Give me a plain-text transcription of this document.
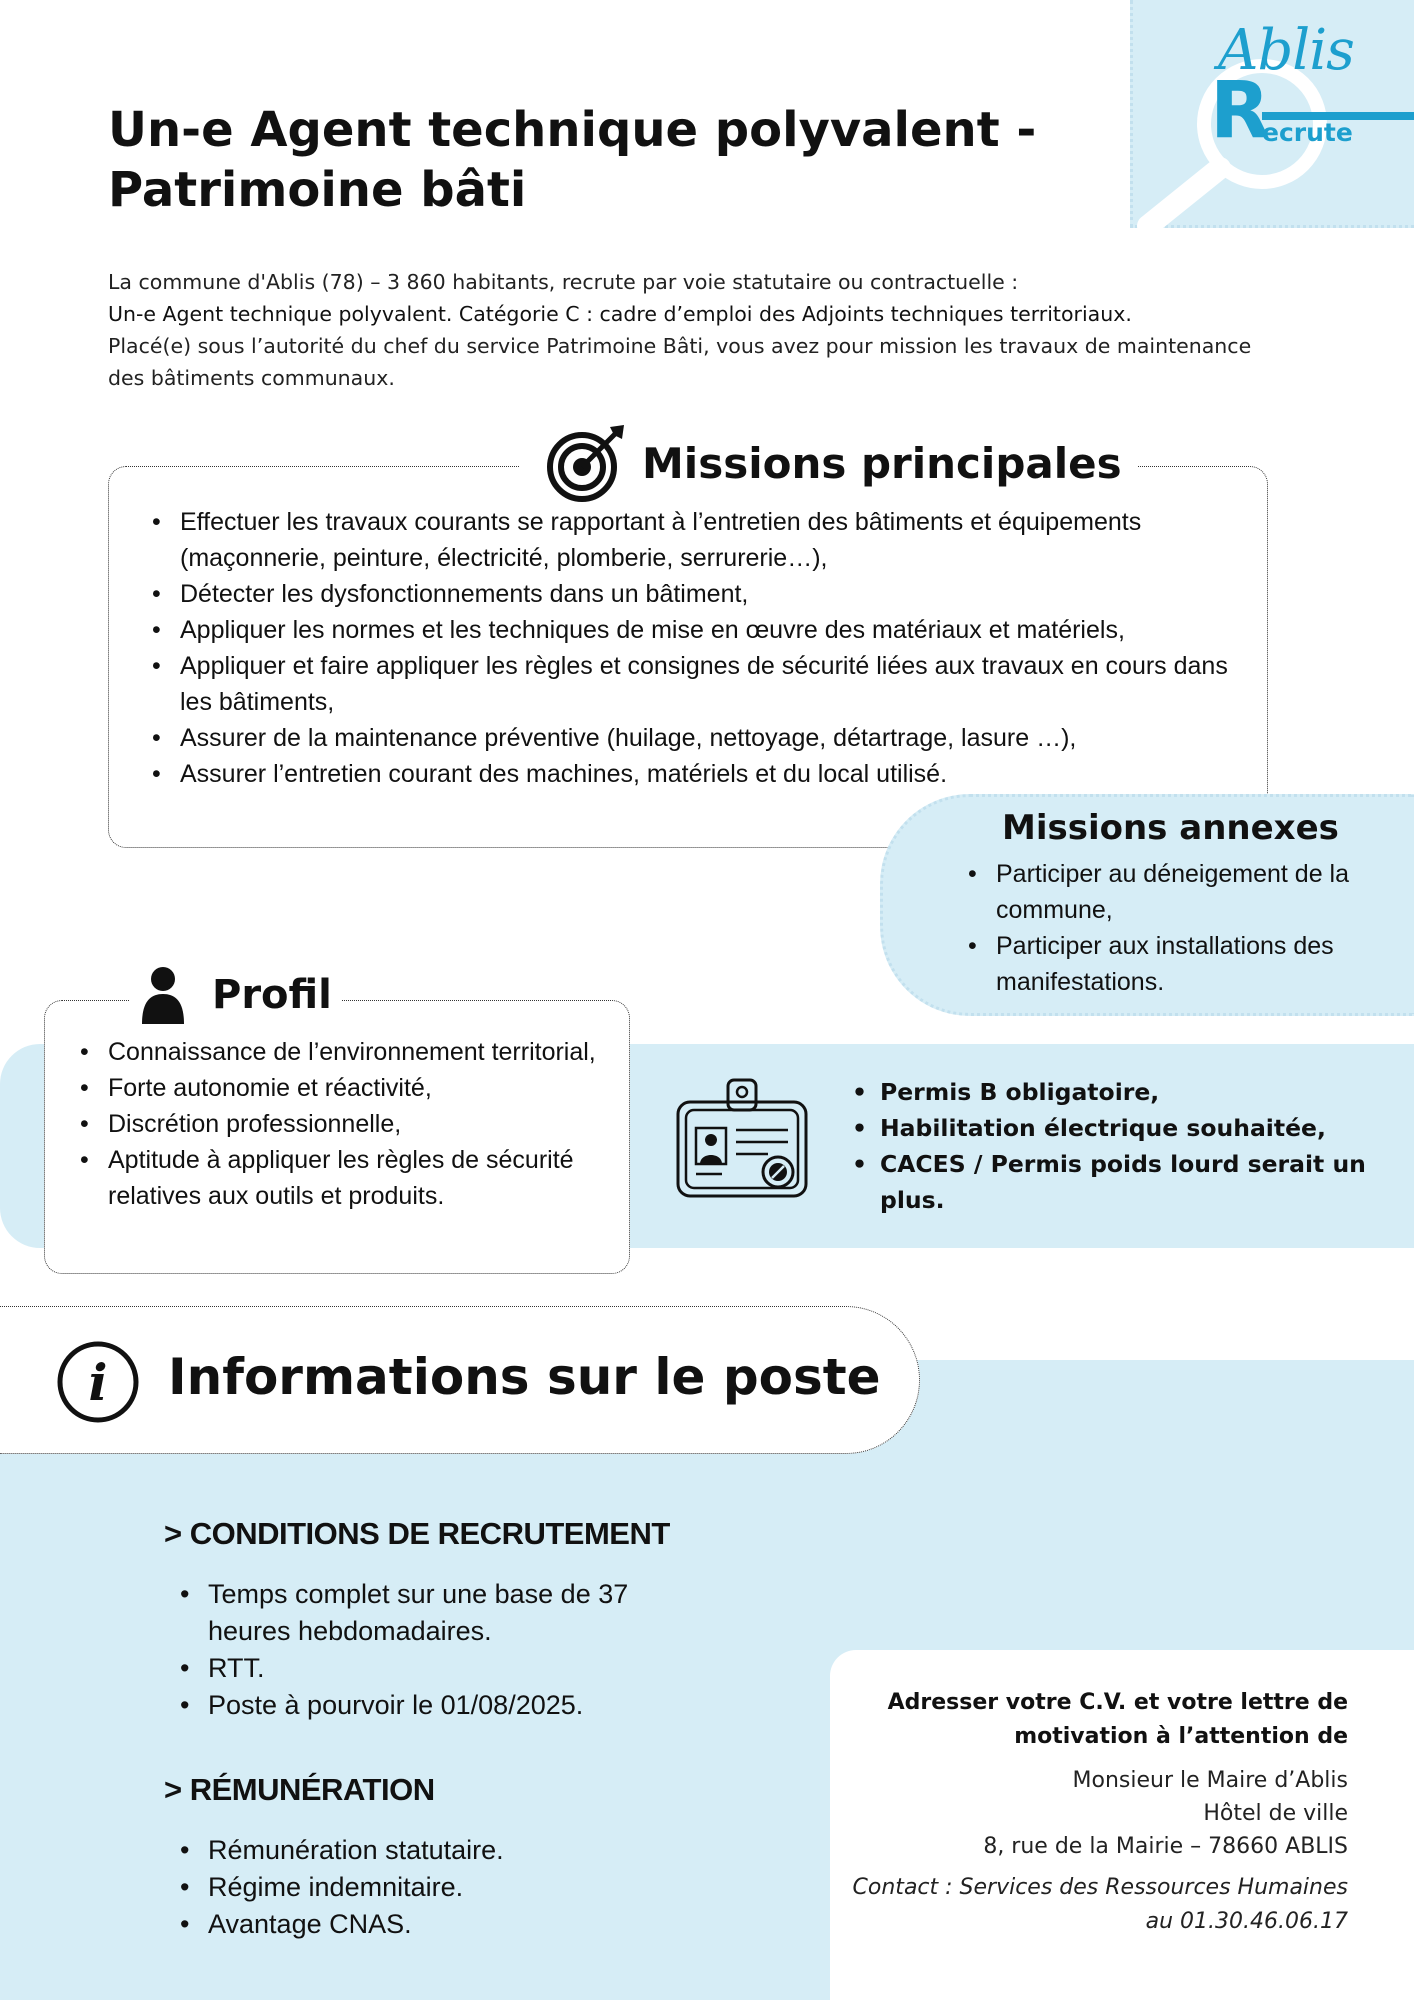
Ablis
R
ecrute
Un-e Agent technique polyvalent - Patrimoine bâti
La commune d'Ablis (78) – 3 860 habitants, recrute par voie statutaire ou contractuelle :
Un-e Agent technique polyvalent. Catégorie C : cadre d’emploi des Adjoints techniques territoriaux.
Placé(e) sous l’autorité du chef du service Patrimoine Bâti, vous avez pour mission les travaux de maintenance des bâtiments communaux.
Missions principales
• Effectuer les travaux courants se rapportant à l’entretien des bâtiments et équipements (maçonnerie, peinture, électricité, plomberie, serrurerie…),
• Détecter les dysfonctionnements dans un bâtiment,
• Appliquer les normes et les techniques de mise en œuvre des matériaux et matériels,
• Appliquer et faire appliquer les règles et consignes de sécurité liées aux travaux en cours dans les bâtiments,
• Assurer de la maintenance préventive (huilage, nettoyage, détartrage, lasure …),
• Assurer l’entretien courant des machines, matériels et du local utilisé.
Missions annexes
• Participer au déneigement de la commune,
• Participer aux installations des manifestations.
Profil
• Connaissance de l’environnement territorial,
• Forte autonomie et réactivité,
• Discrétion professionnelle,
• Aptitude à appliquer les règles de sécurité relatives aux outils et produits.
• Permis B obligatoire,
• Habilitation électrique souhaitée,
• CACES / Permis poids lourd serait un plus.
i Informations sur le poste
> CONDITIONS DE RECRUTEMENT
• Temps complet sur une base de 37 heures hebdomadaires.
• RTT.
• Poste à pourvoir le 01/08/2025.
> RÉMUNÉRATION
• Rémunération statutaire.
• Régime indemnitaire.
• Avantage CNAS.
Adresser votre C.V. et votre lettre de motivation à l’attention de
Monsieur le Maire d’Ablis
Hôtel de ville
8, rue de la Mairie – 78660 ABLIS
Contact : Services des Ressources Humaines au 01.30.46.06.17
